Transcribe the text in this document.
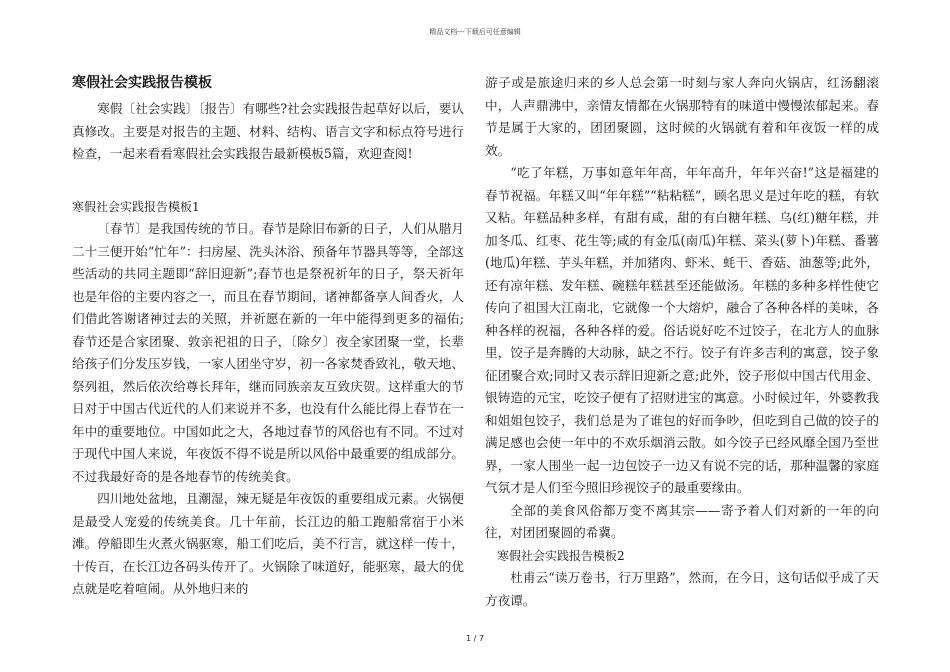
精品文档---下载后可任意编辑
寒假社会实践报告模板

寒假〔社会实践〕〔报告〕有哪些?社会实践报告起草好以后，要认真修改。主要是对报告的主题、材料、结构、语言文字和标点符号进行检查，一起来看看寒假社会实践报告最新模板5篇，欢迎查阅!

寒假社会实践报告模板1

〔春节〕是我国传统的节日。春节是除旧布新的日子，人们从腊月二十三便开始“忙年”：扫房屋、洗头沐浴、预备年节器具等等，全部这些活动的共同主题即“辞旧迎新”;春节也是祭祝祈年的日子，祭天祈年也是年俗的主要内容之一，而且在春节期间，诸神都备享人间香火，人们借此答谢诸神过去的关照，并祈愿在新的一年中能得到更多的福佑;春节还是合家团聚、敦亲祀祖的日子，〔除夕〕夜全家团聚一堂，长辈给孩子们分发压岁钱，一家人团坐守岁，初一各家焚香致礼，敬天地、祭列祖，然后依次给尊长拜年，继而同族亲友互致庆贺。这样重大的节日对于中国古代近代的人们来说并不多，也没有什么能比得上春节在一年中的重要地位。中国如此之大，各地过春节的风俗也有不同。不过对于现代中国人来说，年夜饭不得不说是所以风俗中最重要的组成部分。不过我最好奇的是各地春节的传统美食。

四川地处盆地，且潮湿，辣无疑是年夜饭的重要组成元素。火锅便是最受人宠爱的传统美食。几十年前，长江边的船工跑船常宿于小米滩。停船即生火煮火锅驱寒，船工们吃后，美不行言，就这样一传十，十传百，在长江边各码头传开了。火锅除了味道好，能驱寒，最大的优点就是吃着喧闹。从外地归来的

游子或是旅途归来的乡人总会第一时刻与家人奔向火锅店，红汤翻滚中，人声鼎沸中，亲情友情都在火锅那特有的味道中慢慢浓郁起来。春节是属于大家的，团团聚圆，这时候的火锅就有着和年夜饭一样的成效。

“吃了年糕，万事如意年年高，年年高升，年年兴奋!”这是福建的春节祝福。年糕又叫“年年糕”“粘粘糕”，顾名思义是过年吃的糕，有软又粘。年糕品种多样，有甜有咸，甜的有白糖年糕、乌(红)糖年糕，并加冬瓜、红枣、花生等;咸的有金瓜(南瓜)年糕、菜头(萝卜)年糕、番薯(地瓜)年糕、芋头年糕，并加猪肉、虾米、蚝干、香菇、油葱等;此外，还有凉年糕、发年糕、碗糕年糕甚至还能做汤。年糕的多种多样性使它传向了祖国大江南北，它就像一个大熔炉，融合了各种各样的美味，各种各样的祝福，各种各样的爱。俗话说好吃不过饺子，在北方人的血脉里，饺子是奔腾的大动脉，缺之不行。饺子有许多吉利的寓意，饺子象征团聚合欢;同时又表示辞旧迎新之意;此外，饺子形似中国古代用金、银铸造的元宝，吃饺子便有了招财进宝的寓意。小时候过年，外婆教我和姐姐包饺子，我们总是为了谁包的好而争吵，但吃到自己做的饺子的满足感也会使一年中的不欢乐烟消云散。如今饺子已经风靡全国乃至世界，一家人围坐一起一边包饺子一边又有说不完的话，那种温馨的家庭气氛才是人们至今照旧珍视饺子的最重要缘由。

全部的美食风俗都万变不离其宗——寄予着人们对新的一年的向往，对团团聚圆的希冀。

寒假社会实践报告模板2

杜甫云“读万卷书，行万里路”，然而，在今日，这句话似乎成了天方夜谭。

1 / 7
